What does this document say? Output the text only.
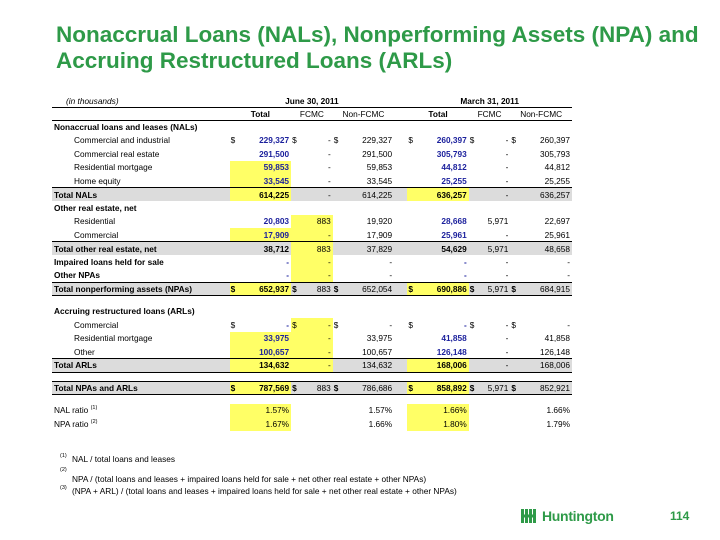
Nonaccrual Loans (NALs), Nonperforming Assets (NPA) and Accruing Restructured Loans (ARLs)
(in thousands)	June 30, 2011							March 31, 2011					
	Total		FCMC		Non-FCMC			Total		FCMC		Non-FCMC	
Nonaccrual loans and leases (NALs)													
Commercial and industrial	$	229,327	$	-	$	229,327		$	260,397	$	-	$	260,397
Commercial real estate		291,500		-		291,500			305,793		-		305,793
Residential mortgage		59,853		-		59,853			44,812		-		44,812
Home equity		33,545		-		33,545			25,255		-		25,255
Total NALs		614,225		-		614,225			636,257		-		636,257
Other real estate, net													
Residential		20,803		883		19,920			28,668		5,971		22,697
Commercial		17,909		-		17,909			25,961		-		25,961
Total other real estate, net		38,712		883		37,829			54,629		5,971		48,658
Impaired loans held for sale		-		-		-			-		-		-
Other NPAs		-		-		-			-		-		-
Total nonperforming assets (NPAs)	$	652,937	$	883	$	652,054		$	690,886	$	5,971	$	684,915

Accruing restructured loans (ARLs)													
Commercial	$	-	$	-	$	-		$	-	$	-	$	-
Residential mortgage		33,975		-		33,975			41,858		-		41,858
Other		100,657		-		100,657			126,148		-		126,148
Total ARLs		134,632		-		134,632			168,006		-		168,006

Total NPAs and ARLs	$	787,569	$	883	$	786,686		$	858,892	$	5,971	$	852,921

NAL ratio $^{(1)}$		1.57%				1.57%			1.66%				1.66%
NPA ratio $^{(2)}$		1.67%				1.66%			1.80%				1.79%
(1) NAL / total loans and leases
(2)
NPA / (total loans and leases + impaired loans held for sale + net other real estate + other NPAs)
(3) (NPA + ARL) / (total loans and leases + impaired loans held for sale + net other real estate + other NPAs)
Huntington	114
